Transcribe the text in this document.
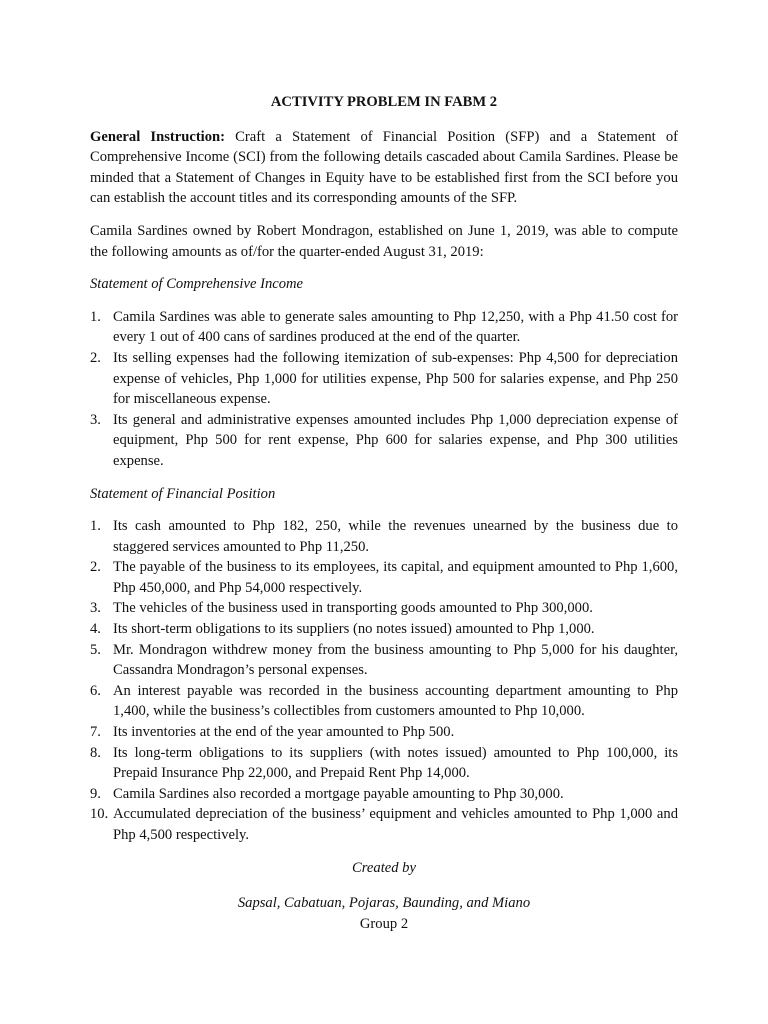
ACTIVITY PROBLEM IN FABM 2

General Instruction: Craft a Statement of Financial Position (SFP) and a Statement of Comprehensive Income (SCI) from the following details cascaded about Camila Sardines. Please be minded that a Statement of Changes in Equity have to be established first from the SCI before you can establish the account titles and its corresponding amounts of the SFP.

Camila Sardines owned by Robert Mondragon, established on June 1, 2019, was able to compute the following amounts as of/for the quarter-ended August 31, 2019:

Statement of Comprehensive Income
1. Camila Sardines was able to generate sales amounting to Php 12,250, with a Php 41.50 cost for every 1 out of 400 cans of sardines produced at the end of the quarter.
2. Its selling expenses had the following itemization of sub-expenses: Php 4,500 for depreciation expense of vehicles, Php 1,000 for utilities expense, Php 500 for salaries expense, and Php 250 for miscellaneous expense.
3. Its general and administrative expenses amounted includes Php 1,000 depreciation expense of equipment, Php 500 for rent expense, Php 600 for salaries expense, and Php 300 utilities expense.
Statement of Financial Position
1. Its cash amounted to Php 182, 250, while the revenues unearned by the business due to staggered services amounted to Php 11,250.
2. The payable of the business to its employees, its capital, and equipment amounted to Php 1,600, Php 450,000, and Php 54,000 respectively.
3. The vehicles of the business used in transporting goods amounted to Php 300,000.
4. Its short-term obligations to its suppliers (no notes issued) amounted to Php 1,000.
5. Mr. Mondragon withdrew money from the business amounting to Php 5,000 for his daughter, Cassandra Mondragon’s personal expenses.
6. An interest payable was recorded in the business accounting department amounting to Php 1,400, while the business’s collectibles from customers amounted to Php 10,000.
7. Its inventories at the end of the year amounted to Php 500.
8. Its long-term obligations to its suppliers (with notes issued) amounted to Php 100,000, its Prepaid Insurance Php 22,000, and Prepaid Rent Php 14,000.
9. Camila Sardines also recorded a mortgage payable amounting to Php 30,000.
10. Accumulated depreciation of the business’ equipment and vehicles amounted to Php 1,000 and Php 4,500 respectively.
Created by
Sapsal, Cabatuan, Pojaras, Baunding, and Miano
Group 2
